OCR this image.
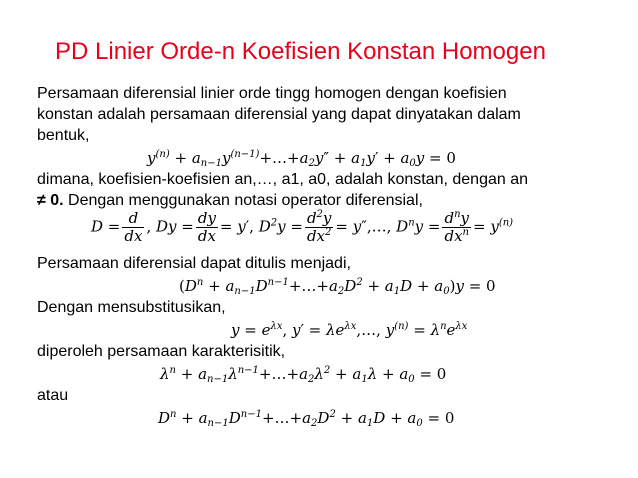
PD Linier Orde-n Koefisien Konstan Homogen
Persamaan diferensial linier orde tingg homogen dengan koefisien
konstan adalah persamaan diferensial yang dapat dinyatakan dalam
bentuk,
$y^{(n)}$ + $a_{n-1}y^{(n-1)}+\dots+a_2y'' + a_1y' + a_0y = 0$
dimana, koefisien-koefisien an,…, a1, a0, adalah konstan, dengan an
≠ 0. Dengan menggunakan notasi operator diferensial,
$D = \frac{d}{dx}$ , $Dy = \frac{dy}{dx} = y'$, $D^2y = \frac{d^2y}{dx^2}$ = y″,…, $D^ny = \frac{d^ny}{dx^n} = y^{(n)}$
Persamaan diferensial dapat ditulis menjadi,
($D^n$ + $a_{n-1}D^{n-1}+\dots+a_2D^2 + a_1D + a_0)y = 0$
Dengan mensubstitusikan,
$y = e^{\lambda x}$, $y' = \lambda e^{\lambda x},\dots$, $y^{(n)} = \lambda^ne^{\lambda x}$
diperoleh persamaan karakterisitik,
$\lambda^n$ + $a_{n-1}\lambda^{n-1}+\dots+a_2\lambda^2 + a_1\lambda + a_0 = 0$
atau
$D^n$ + $a_{n-1}D^{n-1}+\dots+a_2D^2 + a_1D + a_0 = 0$
